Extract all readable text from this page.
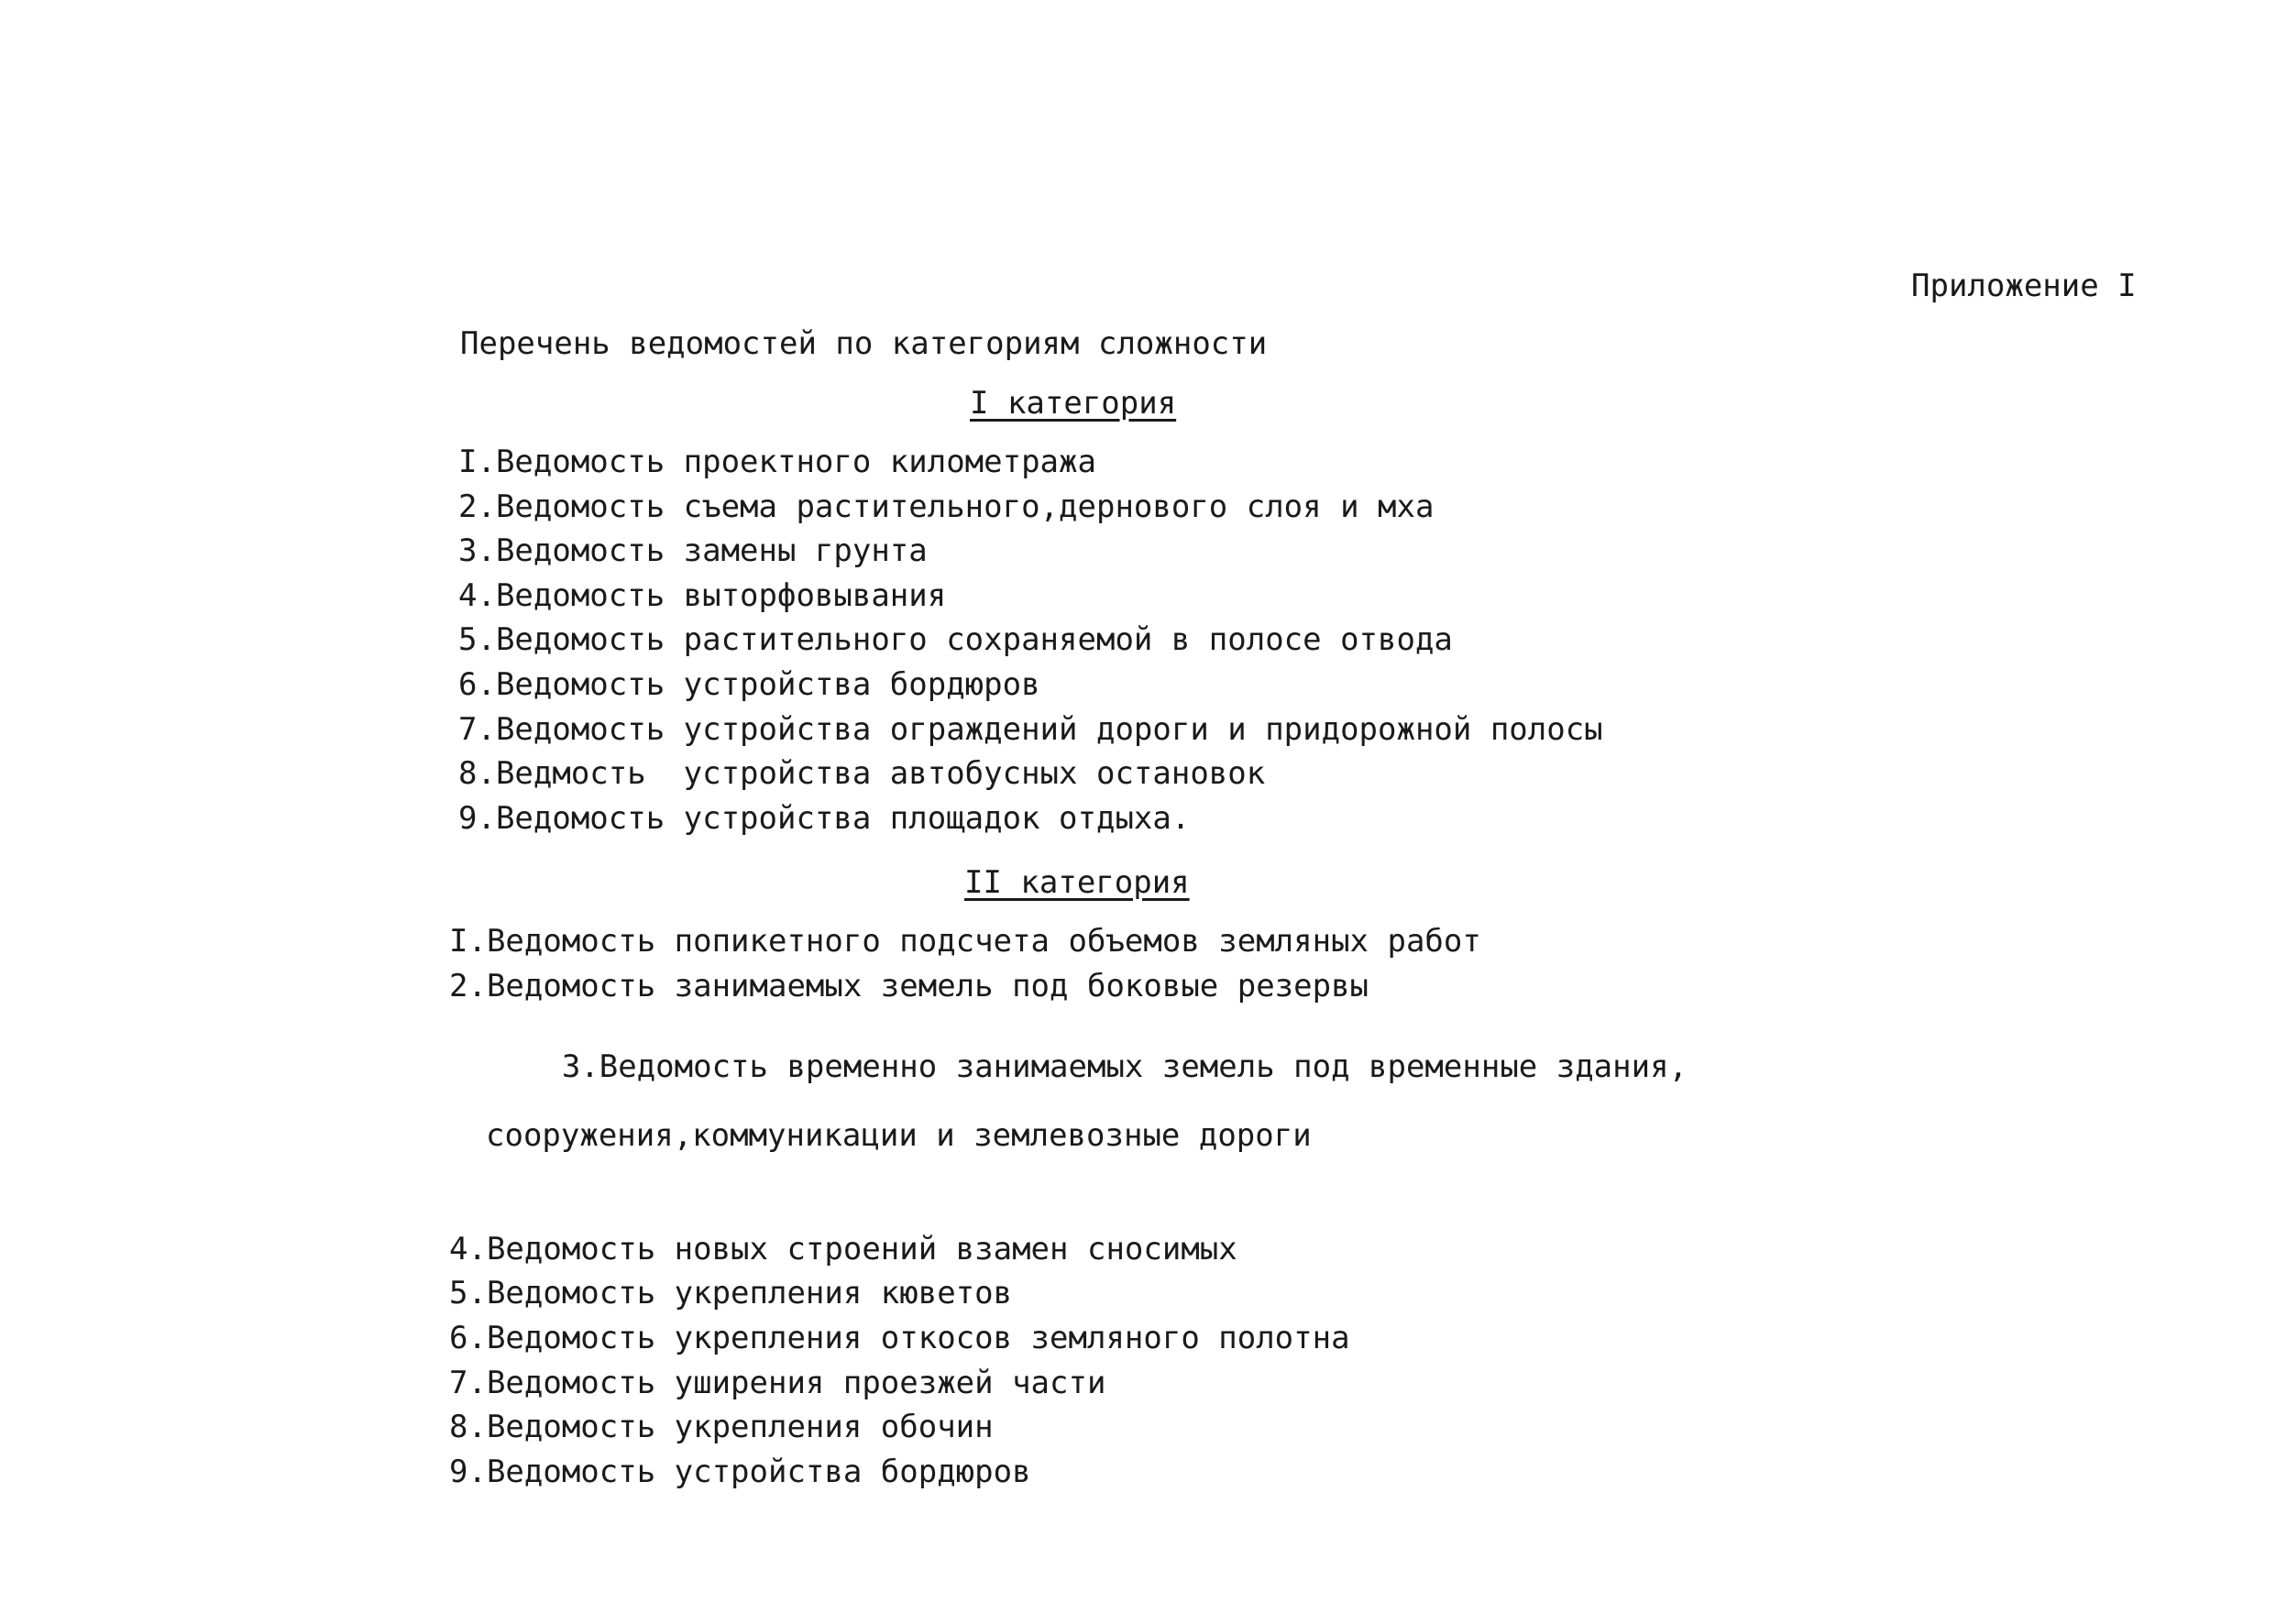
Приложение I
Перечень ведомостей по категориям сложности
I категория
I.Ведомость проектного километража
2.Ведомость съема растительного,дернового слоя и мха
3.Ведомость замены грунта
4.Ведомость выторфовывания
5.Ведомость растительного сохраняемой в полосе отвода
6.Ведомость устройства бордюров
7.Ведомость устройства ограждений дороги и придорожной полосы
8.Ведмость  устройства автобусных остановок
9.Ведомость устройства площадок отдыха.
II категория
I.Ведомость попикетного подсчета объемов земляных работ
2.Ведомость занимаемых земель под боковые резервы

3.Ведомость временно занимаемых земель под временные здания,

сооружения,коммуникации и землевозные дороги

4.Ведомость новых строений взамен сносимых
5.Ведомость укрепления кюветов
6.Ведомость укрепления откосов земляного полотна
7.Ведомость уширения проезжей части
8.Ведомость укрепления обочин
9.Ведомость устройства бордюров
